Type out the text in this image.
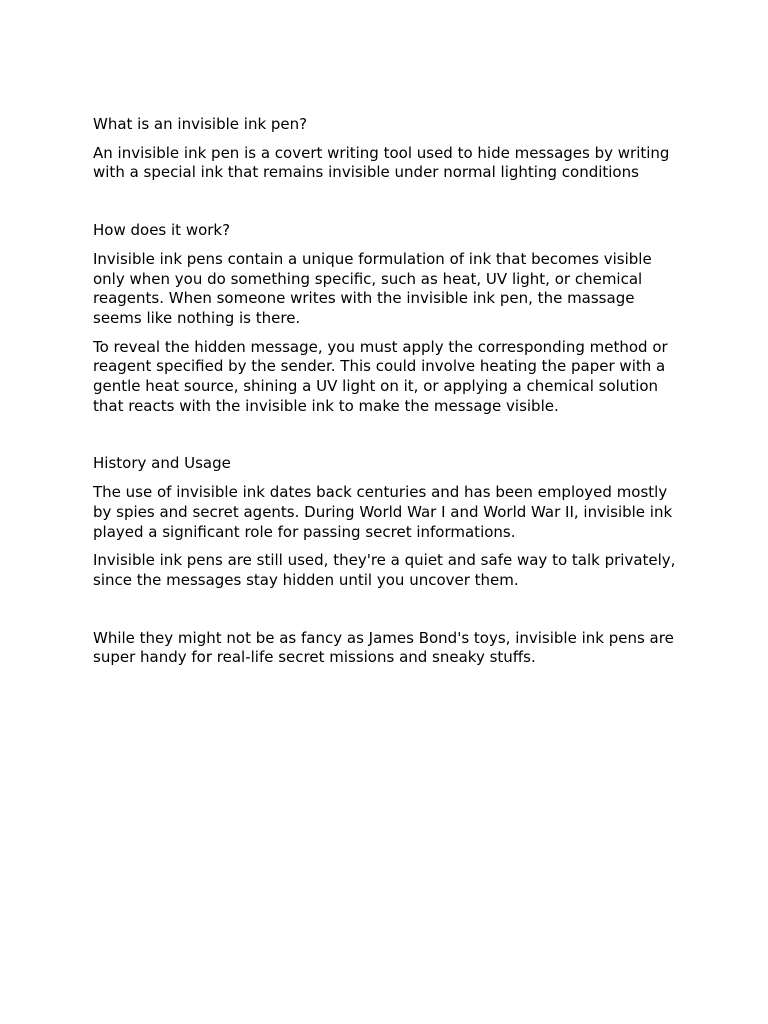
What is an invisible ink pen?
An invisible ink pen is a covert writing tool used to hide messages by writing with a special ink that remains invisible under normal lighting conditions
How does it work?
Invisible ink pens contain a unique formulation of ink that becomes visible only when you do something specific, such as heat, UV light, or chemical reagents. When someone writes with the invisible ink pen, the massage seems like nothing is there.
To reveal the hidden message, you must apply the corresponding method or reagent specified by the sender. This could involve heating the paper with a gentle heat source, shining a UV light on it, or applying a chemical solution that reacts with the invisible ink to make the message visible.
History and Usage
The use of invisible ink dates back centuries and has been employed mostly by spies and secret agents. During World War I and World War II, invisible ink played a significant role for passing secret informations.
Invisible ink pens are still used, they're a quiet and safe way to talk privately, since the messages stay hidden until you uncover them.
While they might not be as fancy as James Bond's toys, invisible ink pens are super handy for real-life secret missions and sneaky stuffs.
